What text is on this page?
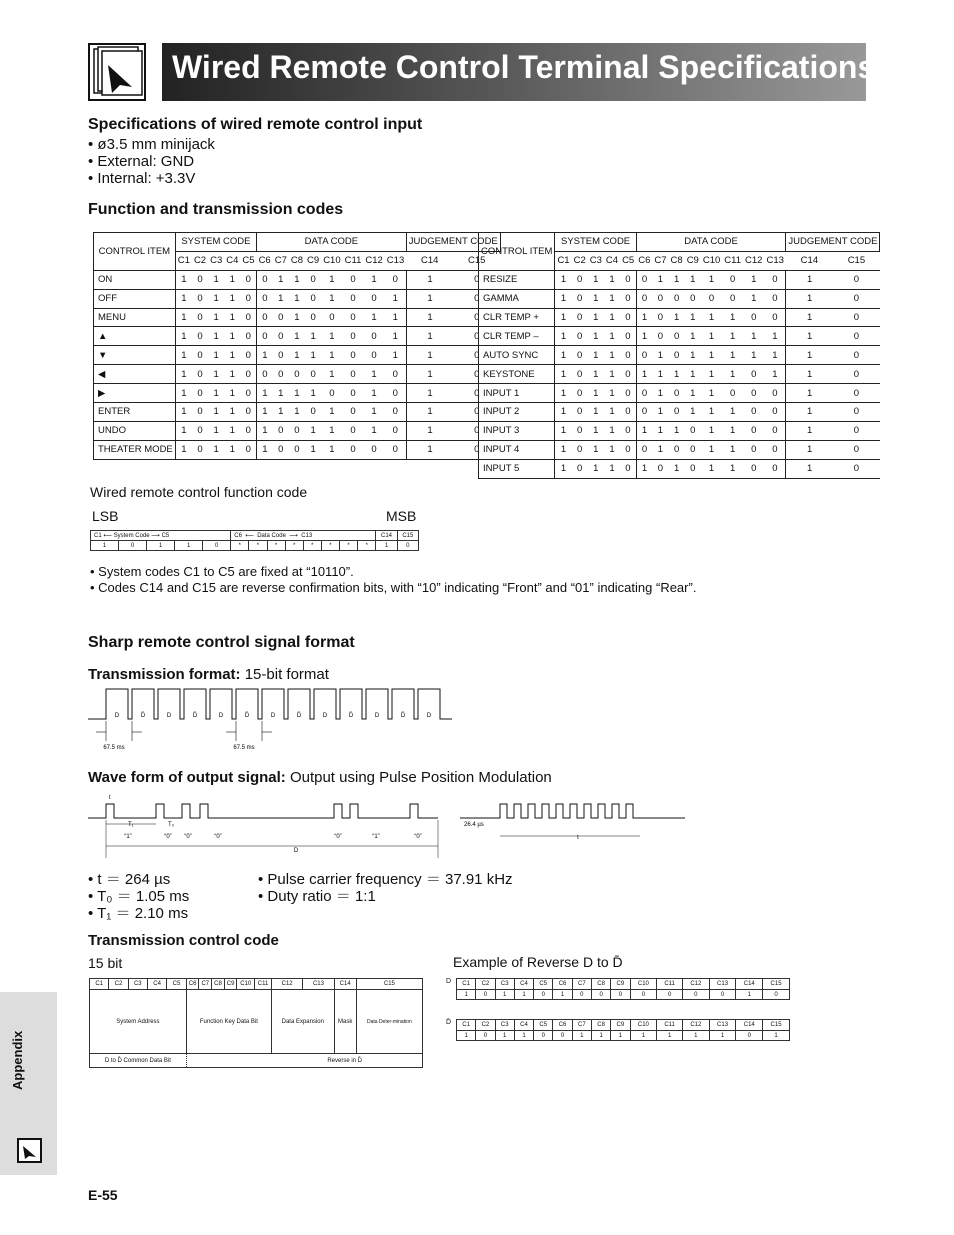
Wired Remote Control Terminal Specifications
Specifications of wired remote control input
• ø3.5 mm minijack
• External: GND
• Internal: +3.3V
Function and transmission codes
CONTROL ITEM	SYSTEM CODE					DATA CODE								JUDGEMENT CODE	
	C1	C2	C3	C4	C5	C6	C7	C8	C9	C10	C11	C12	C13	C14	C15
ON	1	0	1	1	0	0	1	1	0	1	0	1	0	1	0
OFF	1	0	1	1	0	0	1	1	0	1	0	0	1	1	0
MENU	1	0	1	1	0	0	0	1	0	0	0	1	1	1	0
▲	1	0	1	1	0	0	0	1	1	1	0	0	1	1	0
▼	1	0	1	1	0	1	0	1	1	1	0	0	1	1	0
◀	1	0	1	1	0	0	0	0	0	1	0	1	0	1	0
▶	1	0	1	1	0	1	1	1	1	0	0	1	0	1	0
ENTER	1	0	1	1	0	1	1	1	0	1	0	1	0	1	0
UNDO	1	0	1	1	0	1	0	0	1	1	0	1	0	1	0
THEATER MODE	1	0	1	1	0	1	0	0	1	1	0	0	0	1	0
CONTROL ITEM	SYSTEM CODE					DATA CODE								JUDGEMENT CODE	
	C1	C2	C3	C4	C5	C6	C7	C8	C9	C10	C11	C12	C13	C14	C15
RESIZE	1	0	1	1	0	0	1	1	1	1	0	1	0	1	0
GAMMA	1	0	1	1	0	0	0	0	0	0	0	1	0	1	0
CLR TEMP +	1	0	1	1	0	1	0	1	1	1	1	0	0	1	0
CLR TEMP –	1	0	1	1	0	1	0	0	1	1	1	1	1	1	0
AUTO SYNC	1	0	1	1	0	0	1	0	1	1	1	1	1	1	0
KEYSTONE	1	0	1	1	0	1	1	1	1	1	1	0	1	1	0
INPUT 1	1	0	1	1	0	0	1	0	1	1	0	0	0	1	0
INPUT 2	1	0	1	1	0	0	1	0	1	1	1	0	0	1	0
INPUT 3	1	0	1	1	0	1	1	1	0	1	1	0	0	1	0
INPUT 4	1	0	1	1	0	0	1	0	0	1	1	0	0	1	0
INPUT 5	1	0	1	1	0	1	0	1	0	1	1	0	0	1	0
Wired remote control function code
LSB	MSB
C1 ⟵ System Code ⟶ C5					C6  ⟵  Data Code  ⟶  C13								C14	C15
1	0	1	1	0	*	*	*	*	*	*	*	*	1	0
• System codes C1 to C5 are fixed at “10110”.
• Codes C14 and C15 are reverse confirmation bits, with “10” indicating “Front” and “01” indicating “Rear”.
Sharp remote control signal format
Transmission format: 15-bit format
D	D̄	D	D̄	D	D̄	D	D̄	D	D̄	D	D̄	D
67.5 ms	67.5 ms
Wave form of output signal: Output using Pulse Position Modulation
“1”	“0” “0”	“0”	“0”	“1”	“0”
t
T₁	T₀
D
26.4 µs
t
• t ＝ 264 µs
• T₀ ＝ 1.05 ms
• T₁ ＝ 2.10 ms
• Pulse carrier frequency ＝ 37.91 kHz
• Duty ratio ＝ 1:1
Transmission control code
15 bit
C1	C2	C3	C4	C5	C6	C7	C8	C9	C10	C11	C12	C13	C14	C15
System Address					Function Key Data Bit						Data Expansion		Mask	Data Deter-mination
D to D̄ Common Data Bit					Reverse in D̄									
Example of Reverse D to D̄
D C1	C2	C3	C4	C5	C6	C7	C8	C9	C10	C11	C12	C13	C14	C15
1	0	1	1	0	1	0	0	0	0	0	0	0	1	0
D̄ C1	C2	C3	C4	C5	C6	C7	C8	C9	C10	C11	C12	C13	C14	C15
1	0	1	1	0	0	1	1	1	1	1	1	1	0	1
Appendix
E-55
